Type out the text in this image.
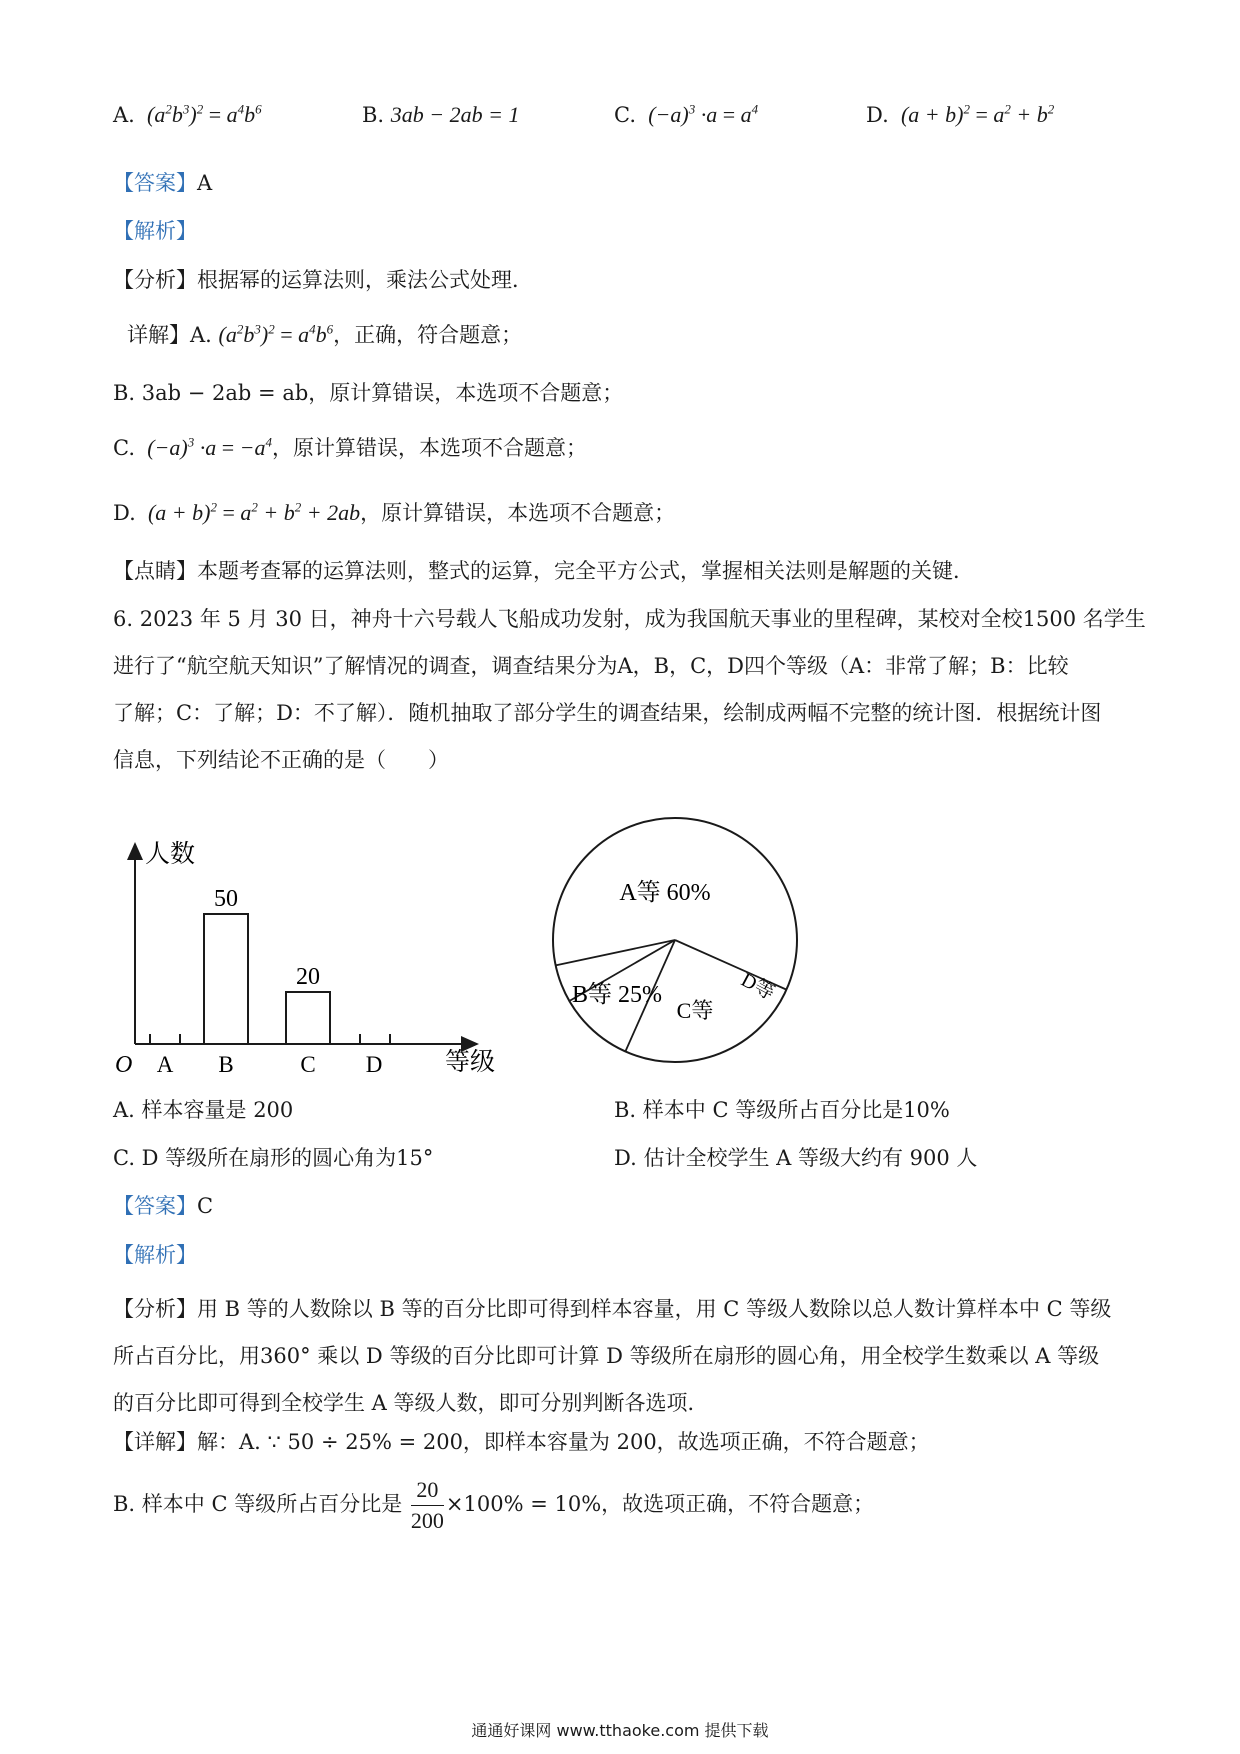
A.  $(a^2b^3)^2 = a^4b^6$	B. 3ab − 2ab = 1	C.  $(-a)^3 \cdot a = a^4$	D.  $(a + b)^2 = a^2 + b^2$
【答案】A
【解析】
【分析】根据幂的运算法则，乘法公式处理．
详解】A. $(a^2b^3)^2 = a^4b^6$，正确，符合题意；
B. 3ab − 2ab = ab，原计算错误，本选项不合题意；
C.  $(-a)^3 \cdot a = -a^4$，原计算错误，本选项不合题意；
D.  $(a + b)^2 = a^2 + b^2 + 2ab$，原计算错误，本选项不合题意；
【点睛】本题考查幂的运算法则，整式的运算，完全平方公式，掌握相关法则是解题的关键．
6. 2023 年 5 月 30 日，神舟十六号载人飞船成功发射，成为我国航天事业的里程碑，某校对全校1500 名学生
进行了“航空航天知识”了解情况的调查，调查结果分为A，B，C，D四个等级（A：非常了解；B：比较
了解；C：了解；D：不了解）．随机抽取了部分学生的调查结果，绘制成两幅不完整的统计图．根据统计图
信息，下列结论不正确的是（　　）
人数
等级
O A B
50
C
20
D
A等 60%
B等 25%
C等
D等
A. 样本容量是 200	B. 样本中 C 等级所占百分比是10%
C. D 等级所在扇形的圆心角为15°	D. 估计全校学生 A 等级大约有 900 人
【答案】C
【解析】
【分析】用 B 等的人数除以 B 等的百分比即可得到样本容量，用 C 等级人数除以总人数计算样本中 C 等级
所占百分比，用360° 乘以 D 等级的百分比即可计算 D 等级所在扇形的圆心角，用全校学生数乘以 A 等级
的百分比即可得到全校学生 A 等级人数，即可分别判断各选项．
【详解】解：A. ∵ 50 ÷ 25% = 200，即样本容量为 200，故选项正确，不符合题意；
B. 样本中 C 等级所占百分比是 $\frac{20}{200} \times 100\% = 10\%$，故选项正确，不符合题意；
通通好课网 www.tthaoke.com 提供下载
